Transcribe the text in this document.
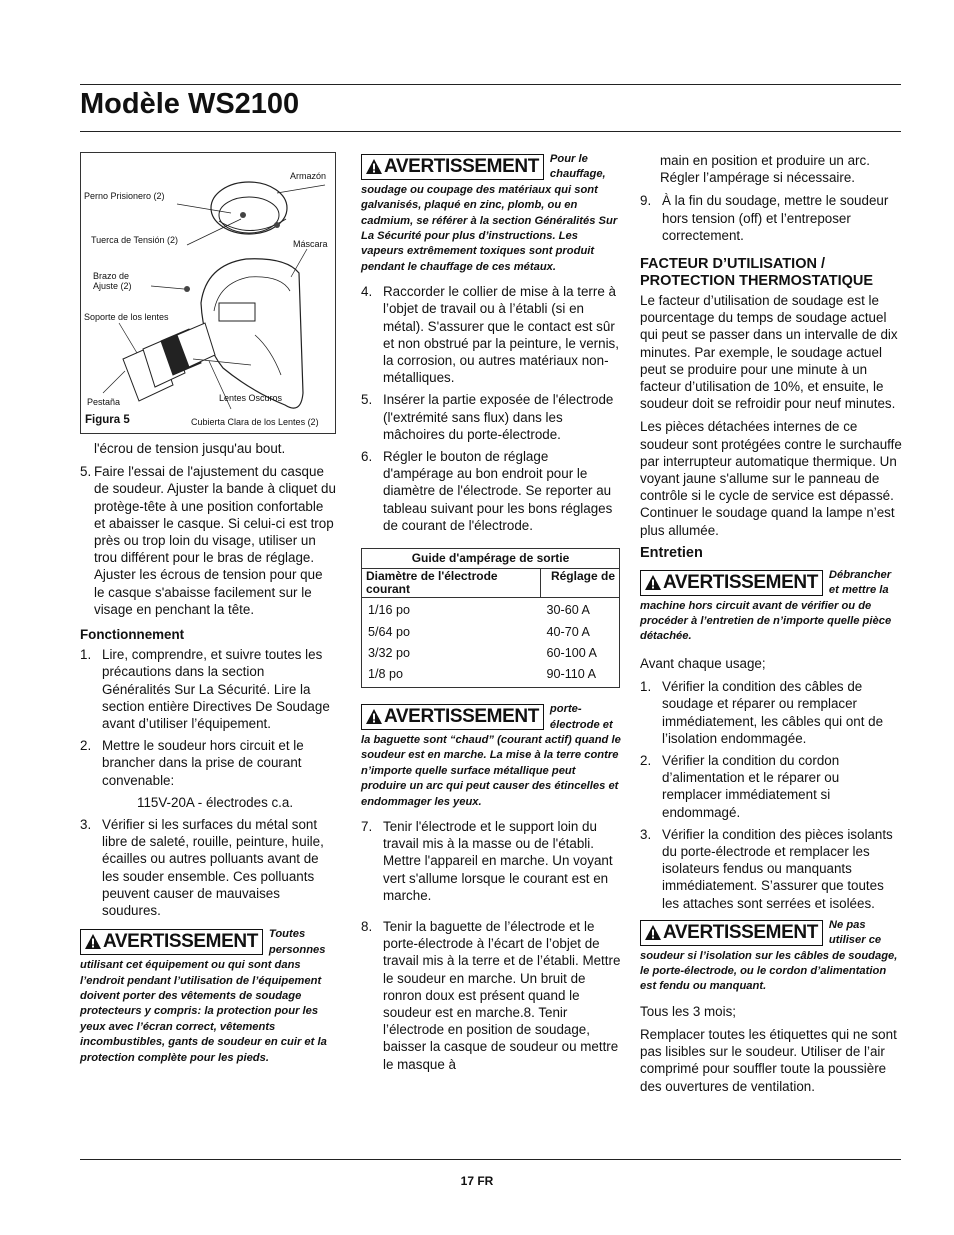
Modèle WS2100
Armazón
Perno Prisionero (2)
Tuerca de Tensión (2)	Máscara
Brazo de
Ajuste (2)
Soporte de los lentes
Pestaña	Lentes Oscuros
Cubierta Clara de los Lentes (2)
Figura 5

l'écrou de tension jusqu'au bout.

5. Faire l'essai de l'ajustement du casque de soudeur. Ajuster la bande à cliquet du protège-tête à une position confortable et abaisser le casque. Si celui-ci est trop près ou trop loin du visage, utiliser un trou différent pour le bras de réglage. Ajuster les écrous de tension pour que le casque s'abaisse facilement sur le visage en penchant la tête.
Fonctionnement
1. Lire, comprendre, et suivre toutes les précautions dans la section Généralités Sur La Sécurité. Lire la section entière Directives De Soudage avant d’utiliser l’équipement.
2. Mettre le soudeur hors circuit et le brancher dans la prise de courant convenable:
115V-20A - électrodes c.a.
3. Vérifier si les surfaces du métal sont libre de saleté, rouille, peinture, huile, écailles ou autres polluants avant de les souder ensemble. Ces polluants peuvent causer de mauvaises soudures.
AVERTISSEMENT Toutes personnes utilisant cet équipement ou qui sont dans l’endroit pendant l’utilisation de l’équipement doivent porter des vêtements de soudage protecteurs y compris: la protection pour les yeux avec l’écran correct, vêtements incombustibles, gants de soudeur en cuir et la protection complète pour les pieds.
AVERTISSEMENT Pour le chauffage, soudage ou coupage des matériaux qui sont galvanisés, plaqué en zinc, plomb, ou en cadmium, se référer à la section Généralités Sur La Sécurité pour plus d’instructions. Les vapeurs extrêmement toxiques sont produit pendant le chauffage de ces métaux.
4. Raccorder le collier de mise à la terre à l’objet de travail ou à l’établi (si en métal). S'assurer que le contact est sûr et non obstrué par la peinture, le vernis, la corrosion, ou autres matériaux non-métalliques.
5. Insérer la partie exposée de l'électrode (l'extrémité sans flux) dans les mâchoires du porte-électrode.
6. Régler le bouton de réglage d'ampérage au bon endroit pour le diamètre de l'électrode. Se reporter au tableau suivant pour les bons réglages de courant de l'électrode.
Guide d'ampérage de sortie	
Diamètre de l'électrode courant	Réglage de
1/16 po	30-60 A
5/64 po	40-70 A
3/32 po	60-100 A
1/8 po	90-110 A
AVERTISSEMENT porte-électrode et la baguette sont “chaud” (courant actif) quand le soudeur est en marche. La mise à la terre contre n’importe quelle surface métallique peut produire un arc qui peut causer des étincelles et endommager les yeux.
7. Tenir l'électrode et le support loin du travail mis à la masse ou de l'établi. Mettre l'appareil en marche. Un voyant vert s'allume lorsque le courant est en marche.
8. Tenir la baguette de l’électrode et le porte-électrode à l’écart de l’objet de travail mis à la terre et de l’établi. Mettre le soudeur en marche. Un bruit de ronron doux est présent quand le soudeur est en marche.8. Tenir l’électrode en position de soudage, baisser la casque de soudeur ou mettre le masque à

main en position et produire un arc. Régler l’ampérage si nécessaire.

9. À la fin du soudage, mettre le soudeur hors tension (off) et l’entreposer correctement.
FACTEUR D’UTILISATION / PROTECTION THERMOSTATIQUE

Le facteur d’utilisation de soudage est le pourcentage du temps de soudage actuel qui peut se passer dans un intervalle de dix minutes. Par exemple, le soudage actuel peut se produire pour une minute à un facteur d’utilisation de 10%, et ensuite, le soudeur doit se refroidir pour neuf minutes.

Les pièces détachées internes de ce soudeur sont protégées contre le surchauffe par interrupteur automatique thermique. Un voyant jaune s'allume sur le panneau de contrôle si le cycle de service est dépassé. Continuer le soudage quand la lampe n’est plus allumée.

Entretien
AVERTISSEMENT Débrancher et mettre la machine hors circuit avant de vérifier ou de procéder à l’entretien de n’importe quelle pièce détachée.

Avant chaque usage;

1. Vérifier la condition des câbles de soudage et réparer ou remplacer immédiatement, les câbles qui ont de l’isolation endommagée.
2. Vérifier la condition du cordon d’alimentation et le réparer ou remplacer immédiatement si endommagé.
3. Vérifier la condition des pièces isolants du porte-électrode et remplacer les isolateurs fendus ou manquants immédiatement. S’assurer que toutes les attaches sont serrées et isolées.
AVERTISSEMENT Ne pas utiliser ce soudeur si l’isolation sur les câbles de soudage, le porte-électrode, ou le cordon d’alimentation est fendu ou manquant.

Tous les 3 mois;

Remplacer toutes les étiquettes qui ne sont pas lisibles sur le soudeur. Utiliser de l’air comprimé pour souffler toute la poussière des ouvertures de ventilation.

17 FR
